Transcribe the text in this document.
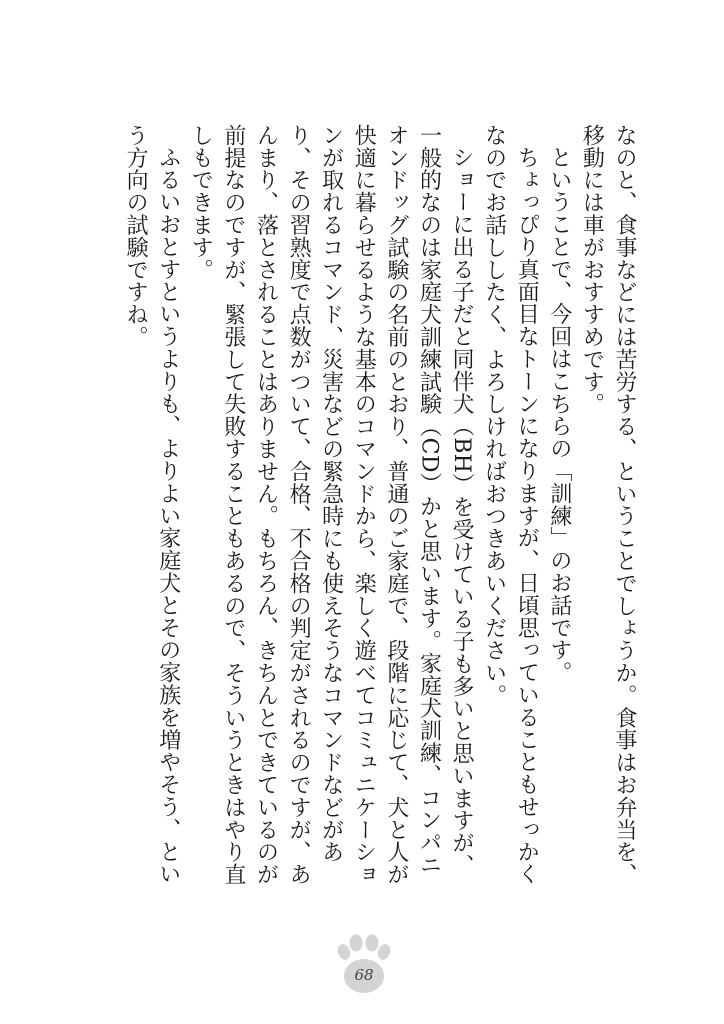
なのと、食事などには苦労する、ということでしょうか。食事はお弁当を、移動には車がおすすめです。

ということで、今回はこちらの「訓練」のお話です。

ちょっぴり真面目なトーンになりますが、日頃思っていることもせっかくなのでお話ししたく、よろしければおつきあいください。

ショーに出る子だと同伴犬（BH）を受けている子も多いと思いますが、一般的なのは家庭犬訓練試験（CD）かと思います。家庭犬訓練、コンパニオンドッグ試験の名前のとおり、普通のご家庭で、段階に応じて、犬と人が快適に暮らせるような基本のコマンドから、楽しく遊べてコミュニケーションが取れるコマンド、災害などの緊急時にも使えそうなコマンドなどがあり、その習熟度で点数がついて、合格、不合格の判定がされるのですが、あんまり、落とされることはありません。もちろん、きちんとできているのが前提なのですが、緊張して失敗することもあるので、そういうときはやり直しもできます。

ふるいおとすというよりも、よりよい家庭犬とその家族を増やそう、という方向の試験ですね。

68
